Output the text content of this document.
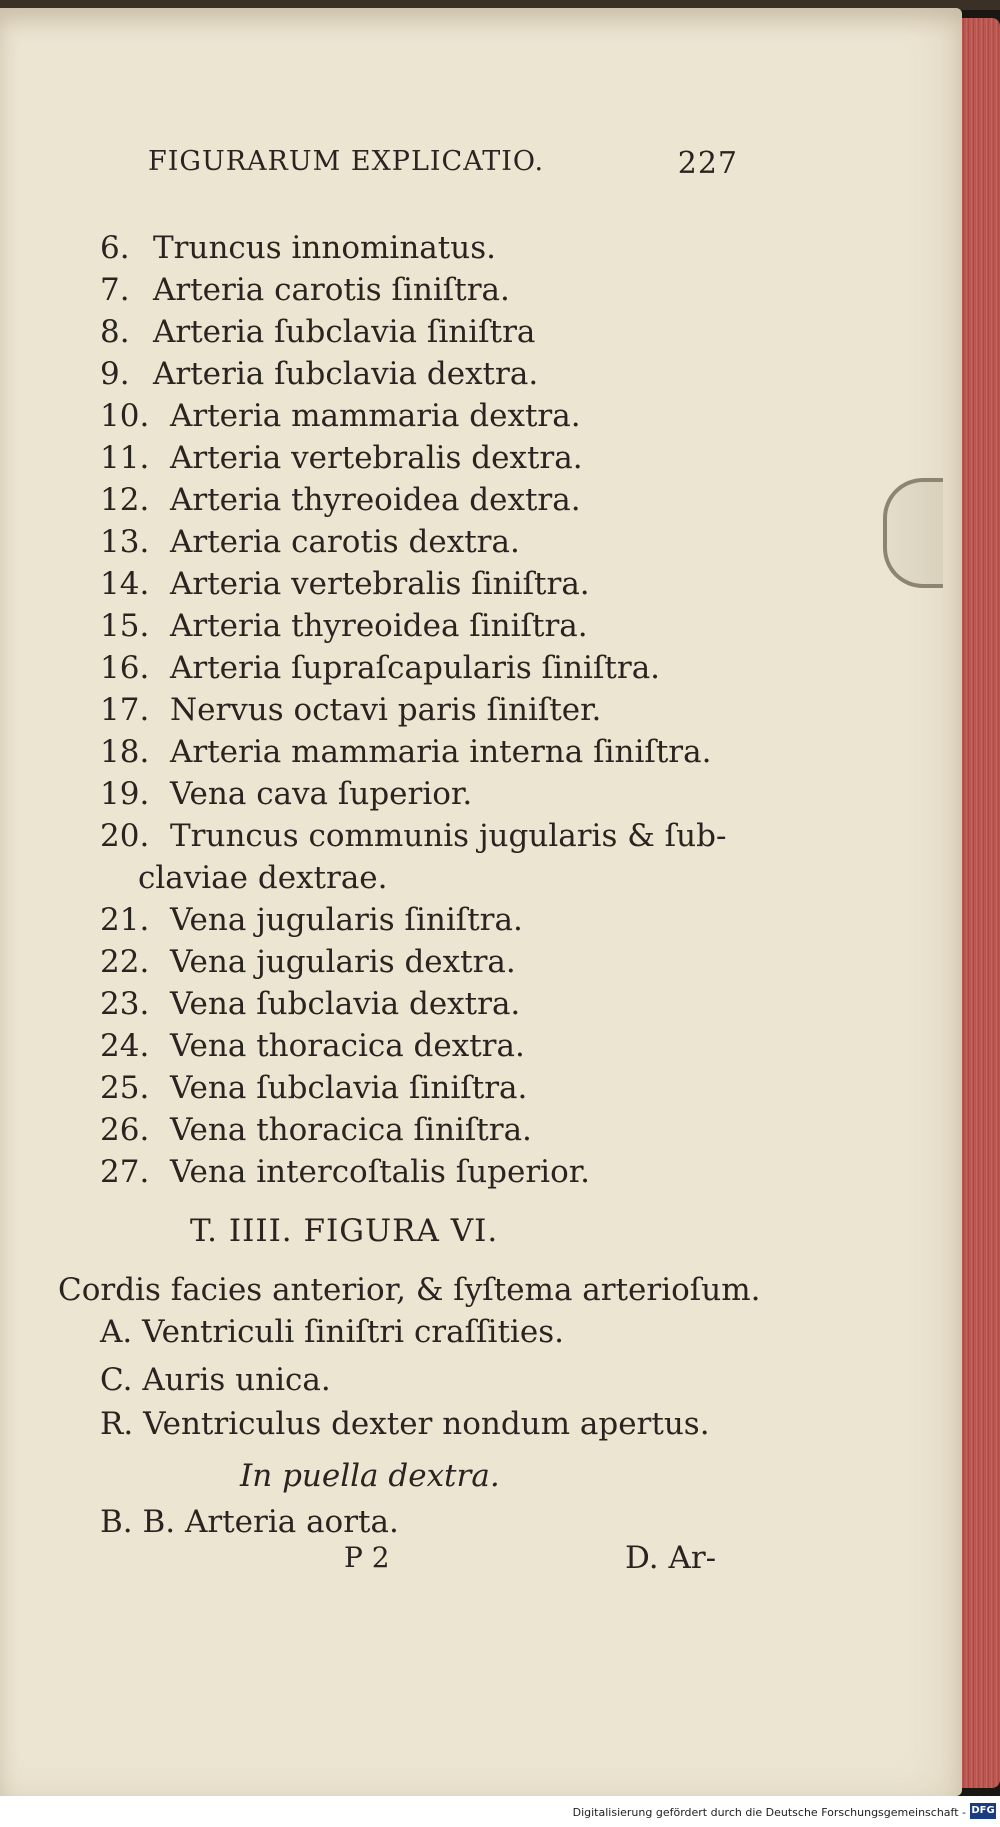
FIGURARUM EXPLICATIO.	227
6. Truncus innominatus.
7. Arteria carotis ſiniſtra.
8. Arteria ſubclavia ſiniſtra
9. Arteria ſubclavia dextra.
10. Arteria mammaria dextra.
11. Arteria vertebralis dextra.
12. Arteria thyreoidea dextra.
13. Arteria carotis dextra.
14. Arteria vertebralis ſiniſtra.
15. Arteria thyreoidea ſiniſtra.
16. Arteria ſupraſcapularis ſiniſtra.
17. Nervus octavi paris ſiniſter.
18. Arteria mammaria interna ſiniſtra.
19. Vena cava ſuperior.
20. Truncus communis jugularis & ſub-
claviae dextrae.
21. Vena jugularis ſiniſtra.
22. Vena jugularis dextra.
23. Vena ſubclavia dextra.
24. Vena thoracica dextra.
25. Vena ſubclavia ſiniſtra.
26. Vena thoracica ſiniſtra.
27. Vena intercoſtalis ſuperior.
T. IIII. FIGURA VI.
Cordis facies anterior, & ſyſtema arterioſum.
A. Ventriculi ſiniſtri craſſities.
C. Auris unica.
R. Ventriculus dexter nondum apertus.
In puella dextra.
B. B. Arteria aorta.
P 2	D. Ar-
Digitalisierung gefördert durch die Deutsche Forschungsgemeinschaft - DFG
